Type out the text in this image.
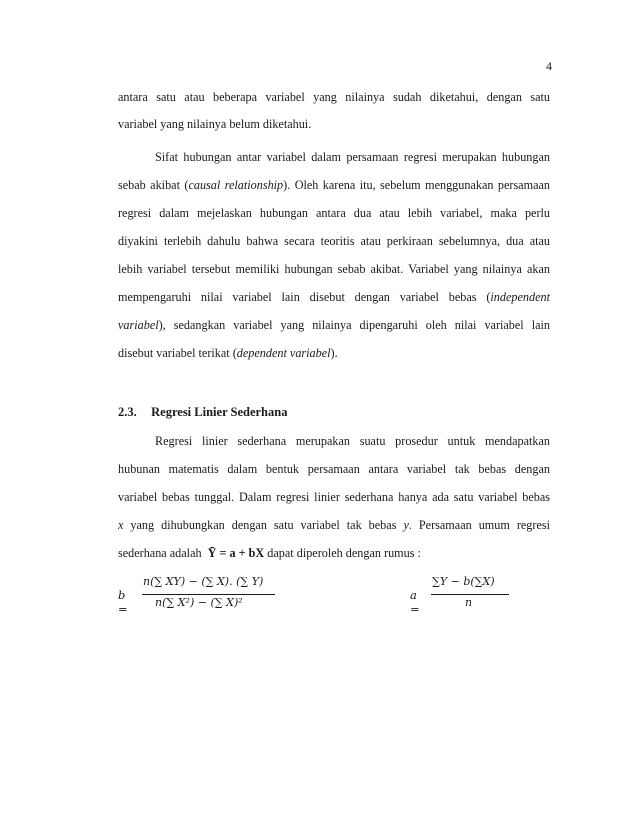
4
antara satu atau beberapa variabel yang nilainya sudah diketahui, dengan satu
variabel yang nilainya belum diketahui.
Sifat hubungan antar variabel dalam persamaan regresi merupakan hubungan
sebab akibat (causal relationship). Oleh karena itu, sebelum menggunakan persamaan
regresi dalam mejelaskan hubungan antara dua atau lebih variabel, maka perlu
diyakini terlebih dahulu bahwa secara teoritis atau perkiraan sebelumnya, dua atau
lebih variabel tersebut memiliki hubungan sebab akibat. Variabel yang nilainya akan
mempengaruhi nilai variabel lain disebut dengan variabel bebas (independent
variabel), sedangkan variabel yang nilainya dipengaruhi oleh nilai variabel lain
disebut variabel terikat (dependent variabel).
2.3. Regresi Linier Sederhana
Regresi linier sederhana merupakan suatu prosedur untuk mendapatkan
hubunan matematis dalam bentuk persamaan antara variabel tak bebas dengan
variabel bebas tunggal. Dalam regresi linier sederhana hanya ada satu variabel bebas
x yang dihubungkan dengan satu variabel tak bebas y. Persamaan umum regresi
sederhana adalah  Ȳ = a + bX dapat diperoleh dengan rumus :
b =
n(∑ XY) − (∑ X). (∑ Y)
n(∑ X²) − (∑ X)²
a =
∑Y − b(∑X)
n
